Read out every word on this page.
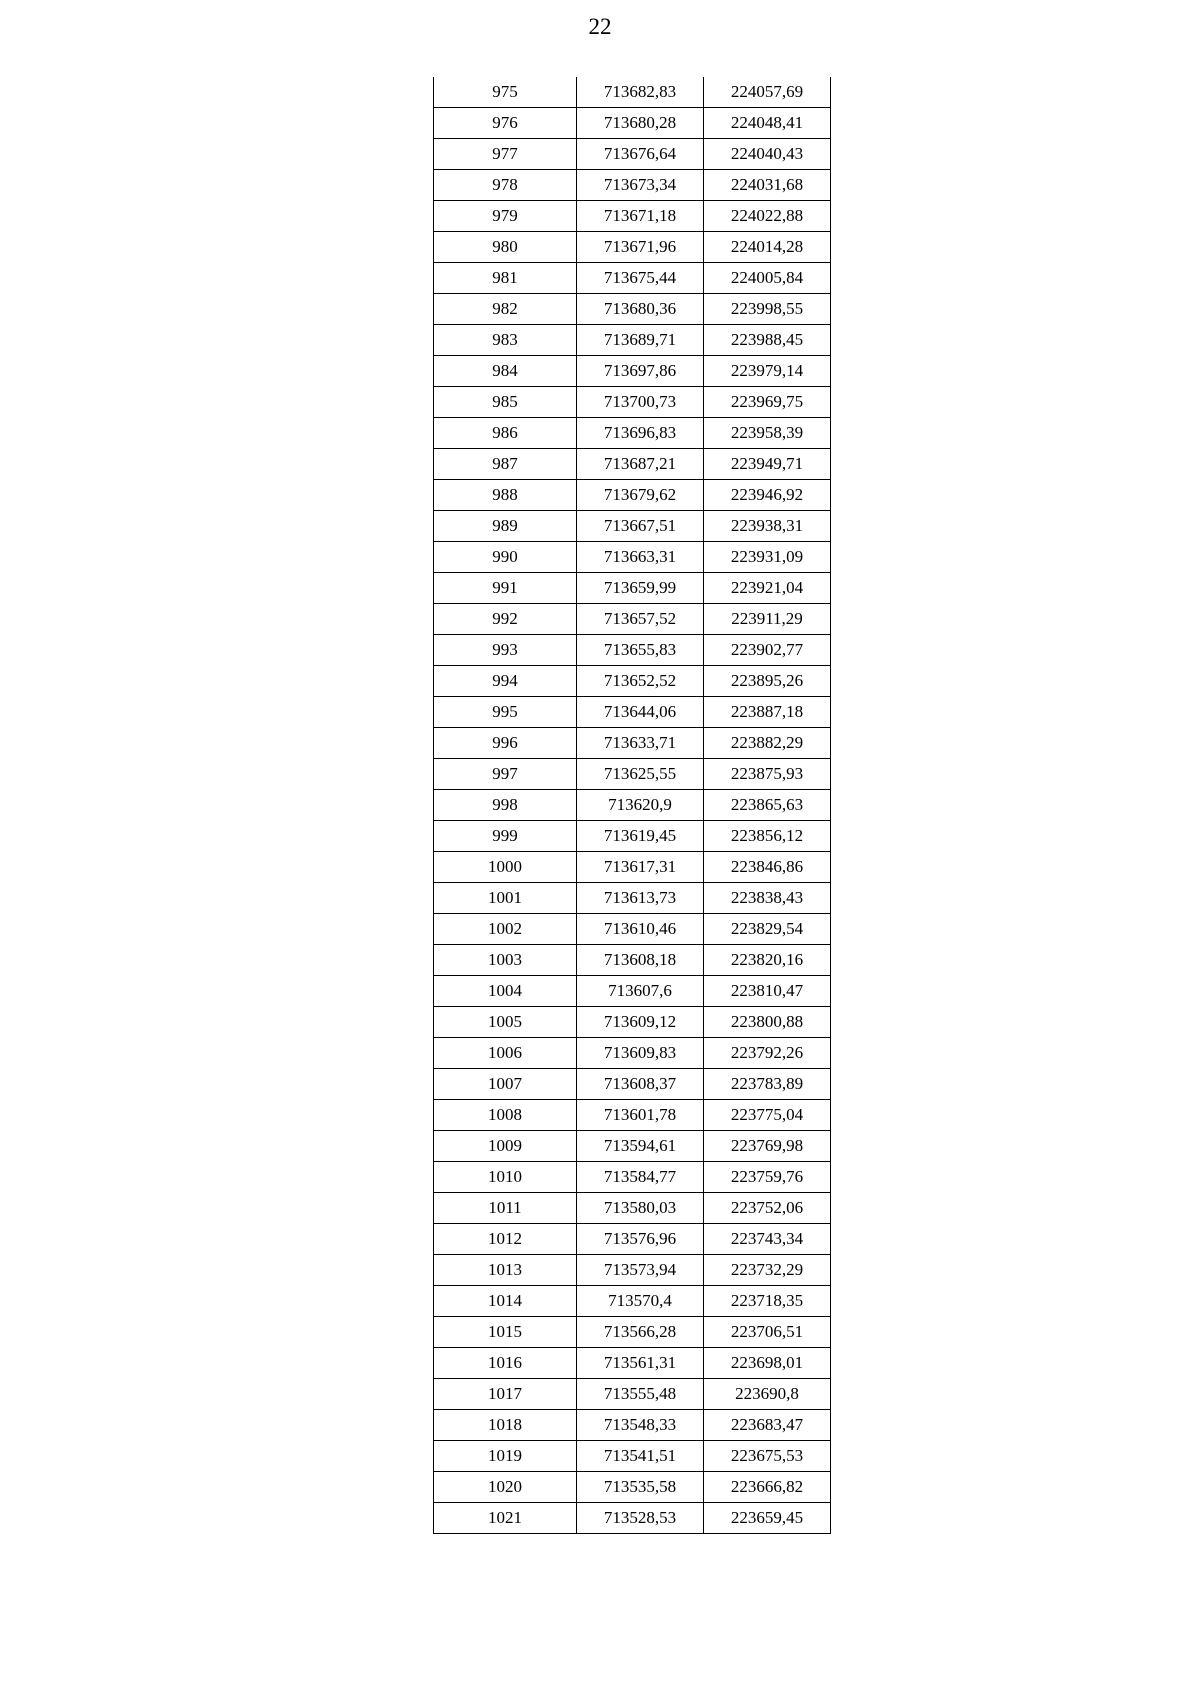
22
975	713682,83	224057,69
976	713680,28	224048,41
977	713676,64	224040,43
978	713673,34	224031,68
979	713671,18	224022,88
980	713671,96	224014,28
981	713675,44	224005,84
982	713680,36	223998,55
983	713689,71	223988,45
984	713697,86	223979,14
985	713700,73	223969,75
986	713696,83	223958,39
987	713687,21	223949,71
988	713679,62	223946,92
989	713667,51	223938,31
990	713663,31	223931,09
991	713659,99	223921,04
992	713657,52	223911,29
993	713655,83	223902,77
994	713652,52	223895,26
995	713644,06	223887,18
996	713633,71	223882,29
997	713625,55	223875,93
998	713620,9	223865,63
999	713619,45	223856,12
1000	713617,31	223846,86
1001	713613,73	223838,43
1002	713610,46	223829,54
1003	713608,18	223820,16
1004	713607,6	223810,47
1005	713609,12	223800,88
1006	713609,83	223792,26
1007	713608,37	223783,89
1008	713601,78	223775,04
1009	713594,61	223769,98
1010	713584,77	223759,76
1011	713580,03	223752,06
1012	713576,96	223743,34
1013	713573,94	223732,29
1014	713570,4	223718,35
1015	713566,28	223706,51
1016	713561,31	223698,01
1017	713555,48	223690,8
1018	713548,33	223683,47
1019	713541,51	223675,53
1020	713535,58	223666,82
1021	713528,53	223659,45
